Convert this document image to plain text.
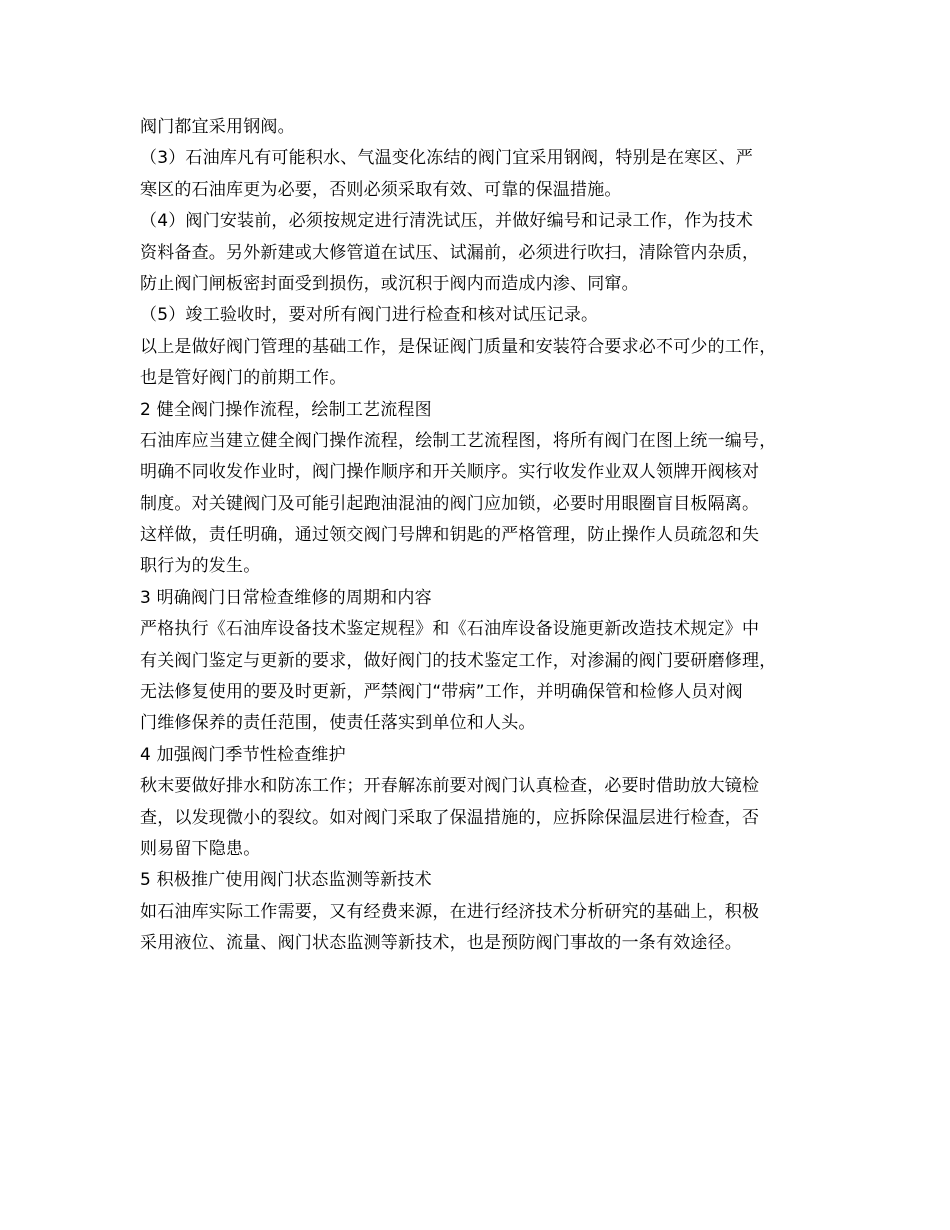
阀门都宜采用钢阀。
（3）石油库凡有可能积水、气温变化冻结的阀门宜采用钢阀，特别是在寒区、严
寒区的石油库更为必要，否则必须采取有效、可靠的保温措施。
（4）阀门安装前，必须按规定进行清洗试压，并做好编号和记录工作，作为技术
资料备查。另外新建或大修管道在试压、试漏前，必须进行吹扫，清除管内杂质，
防止阀门闸板密封面受到损伤，或沉积于阀内而造成内渗、同窜。
（5）竣工验收时，要对所有阀门进行检查和核对试压记录。
以上是做好阀门管理的基础工作，是保证阀门质量和安装符合要求必不可少的工作，
也是管好阀门的前期工作。
2 健全阀门操作流程，绘制工艺流程图
石油库应当建立健全阀门操作流程，绘制工艺流程图，将所有阀门在图上统一编号，
明确不同收发作业时，阀门操作顺序和开关顺序。实行收发作业双人领牌开阀核对
制度。对关键阀门及可能引起跑油混油的阀门应加锁，必要时用眼圈盲目板隔离。
这样做，责任明确，通过领交阀门号牌和钥匙的严格管理，防止操作人员疏忽和失
职行为的发生。
3 明确阀门日常检查维修的周期和内容
严格执行《石油库设备技术鉴定规程》和《石油库设备设施更新改造技术规定》中
有关阀门鉴定与更新的要求，做好阀门的技术鉴定工作，对渗漏的阀门要研磨修理，
无法修复使用的要及时更新，严禁阀门“带病”工作，并明确保管和检修人员对阀
门维修保养的责任范围，使责任落实到单位和人头。
4 加强阀门季节性检查维护
秋末要做好排水和防冻工作；开春解冻前要对阀门认真检查，必要时借助放大镜检
查，以发现微小的裂纹。如对阀门采取了保温措施的，应拆除保温层进行检查，否
则易留下隐患。
5 积极推广使用阀门状态监测等新技术
如石油库实际工作需要，又有经费来源，在进行经济技术分析研究的基础上，积极
采用液位、流量、阀门状态监测等新技术，也是预防阀门事故的一条有效途径。
